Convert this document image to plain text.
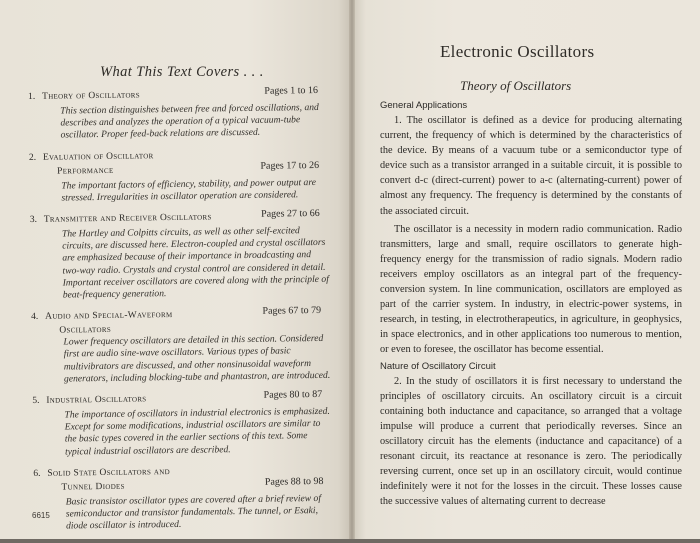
What This Text Covers . . .
1. Theory of Oscillators	Pages 1 to 16
This section distinguishes between free and forced oscillations, and describes and analyzes the operation of a typical vacuum-tube oscillator. Proper feed-back relations are discussed.
2. Evaluation of Oscillator
Performance	Pages 17 to 26
The important factors of efficiency, stability, and power output are stressed. Irregularities in oscillator operation are considered.
3. Transmitter and Receiver Oscillators	Pages 27 to 66
The Hartley and Colpitts circuits, as well as other self-excited circuits, are discussed here. Electron-coupled and crystal oscillators are emphasized because of their importance in broadcasting and two-way radio. Crystals and crystal control are considered in detail. Important receiver oscillators are covered along with the principle of beat-frequency generation.
4. Audio and Special-Waveform	Pages 67 to 79
Oscillators
Lower frequency oscillators are detailed in this section. Considered first are audio sine-wave oscillators. Various types of basic multivibrators are discussed, and other nonsinusoidal waveform generators, including blocking-tube and phantastron, are introduced.
5. Industrial Oscillators	Pages 80 to 87
The importance of oscillators in industrial electronics is emphasized. Except for some modifications, industrial oscillators are similar to the basic types covered in the earlier sections of this text. Some typical industrial oscillators are described.
6. Solid State Oscillators and
Tunnel Diodes	Pages 88 to 98
Basic transistor oscillator types are covered after a brief review of semiconductor and transistor fundamentals. The tunnel, or Esaki, diode oscillator is introduced.
6615
Electronic Oscillators
Theory of Oscillators
General Applications

1. The oscillator is defined as a device for producing alternating current, the frequency of which is determined by the characteristics of the device. By means of a vacuum tube or a semiconductor type of device such as a transistor arranged in a suitable circuit, it is possible to convert d-c (direct-current) power to a-c (alternating-current) power of almost any frequency. The frequency is determined by the constants of the associated circuit.

The oscillator is a necessity in modern radio communication. Radio transmitters, large and small, require oscillators to generate high-frequency energy for the transmission of radio signals. Modern radio receivers employ oscillators as an integral part of the frequency-conversion system. In line communication, oscillators are employed as part of the carrier system. In industry, in electric-power systems, in research, in testing, in electrotherapeutics, in agriculture, in geophysics, in space electronics, and in other applications too numerous to mention, or even to foresee, the oscillator has become essential.

Nature of Oscillatory Circuit

2. In the study of oscillators it is first necessary to understand the principles of oscillatory circuits. An oscillatory circuit is a circuit containing both inductance and capacitance, so arranged that a voltage impulse will produce a current that periodically reverses. Since an oscillatory circuit has the elements (inductance and capacitance) of a resonant circuit, its reactance at resonance is zero. The periodically reversing current, once set up in an oscillatory circuit, would continue indefinitely were it not for the losses in the circuit. These losses cause the successive values of alternating current to decrease
